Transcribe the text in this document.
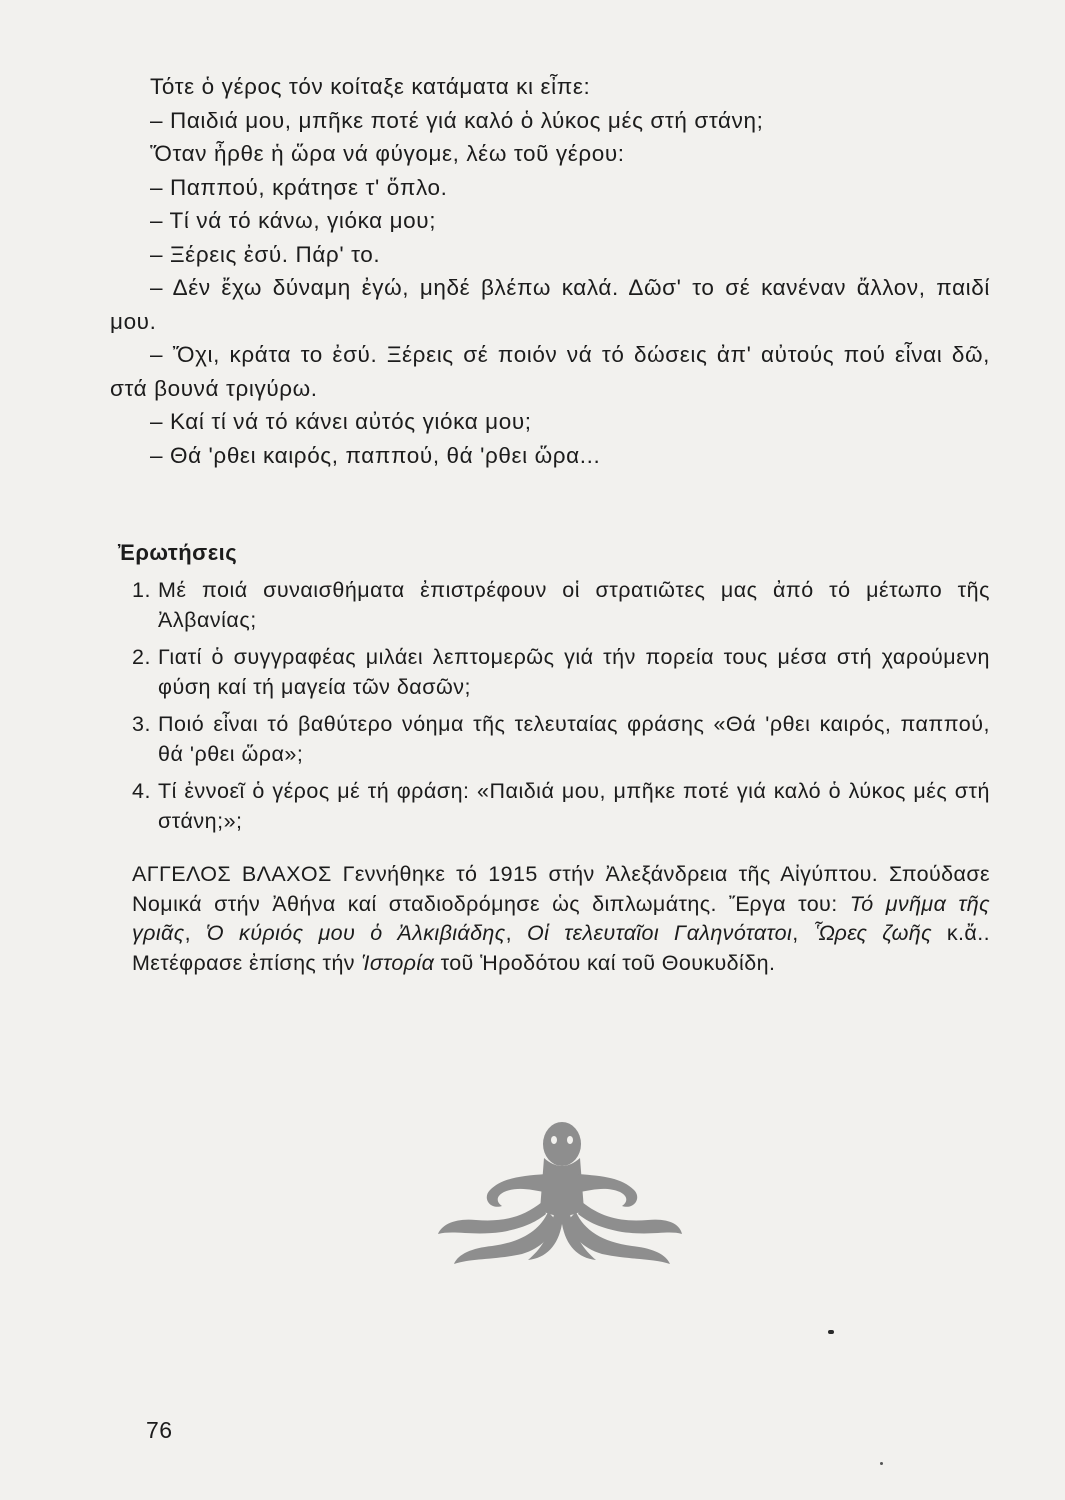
Τότε ὁ γέρος τόν κοίταξε κατάματα κι εἶπε:

– Παιδιά μου, μπῆκε ποτέ γιά καλό ὁ λύκος μές στή στάνη;

Ὅταν ἦρθε ἡ ὥρα νά φύγομε, λέω τοῦ γέρου:

– Παππού, κράτησε τ' ὅπλο.

– Τί νά τό κάνω, γιόκα μου;

– Ξέρεις ἐσύ. Πάρ' το.

– Δέν ἔχω δύναμη ἐγώ, μηδέ βλέπω καλά. Δῶσ' το σέ κανέναν ἄλλον, παιδί μου.

– Ὄχι, κράτα το ἐσύ. Ξέρεις σέ ποιόν νά τό δώσεις ἀπ' αὐτούς πού εἶναι δῶ, στά βουνά τριγύρω.

– Καί τί νά τό κάνει αὐτός γιόκα μου;

– Θά 'ρθει καιρός, παππού, θά 'ρθει ὥρα...

Ἐρωτήσεις
1. Μέ ποιά συναισθήματα ἐπιστρέφουν οἱ στρατιῶτες μας ἀπό τό μέτωπο τῆς Ἀλβανίας;
2. Γιατί ὁ συγγραφέας μιλάει λεπτομερῶς γιά τήν πορεία τους μέσα στή χαρούμενη φύση καί τή μαγεία τῶν δασῶν;
3. Ποιό εἶναι τό βαθύτερο νόημα τῆς τελευταίας φράσης «Θά 'ρθει καιρός, παππού, θά 'ρθει ὥρα»;
4. Τί ἐννοεῖ ὁ γέρος μέ τή φράση: «Παιδιά μου, μπῆκε ποτέ γιά καλό ὁ λύκος μές στή στάνη;»;

ΑΓΓΕΛΟΣ ΒΛΑΧΟΣ Γεννήθηκε τό 1915 στήν Ἀλεξάνδρεια τῆς Αἰγύπτου. Σπούδασε Νομικά στήν Ἀθήνα καί σταδιοδρόμησε ὡς διπλωμάτης. Ἔργα του: Τό μνῆμα τῆς γριᾶς, Ὁ κύριός μου ὁ Ἀλκιβιάδης, Οἱ τελευταῖοι Γαληνότατοι, Ὧρες ζωῆς κ.ἄ.. Μετέφρασε ἐπίσης τήν Ἱστορία τοῦ Ἡροδότου καί τοῦ Θουκυδίδη.

76
